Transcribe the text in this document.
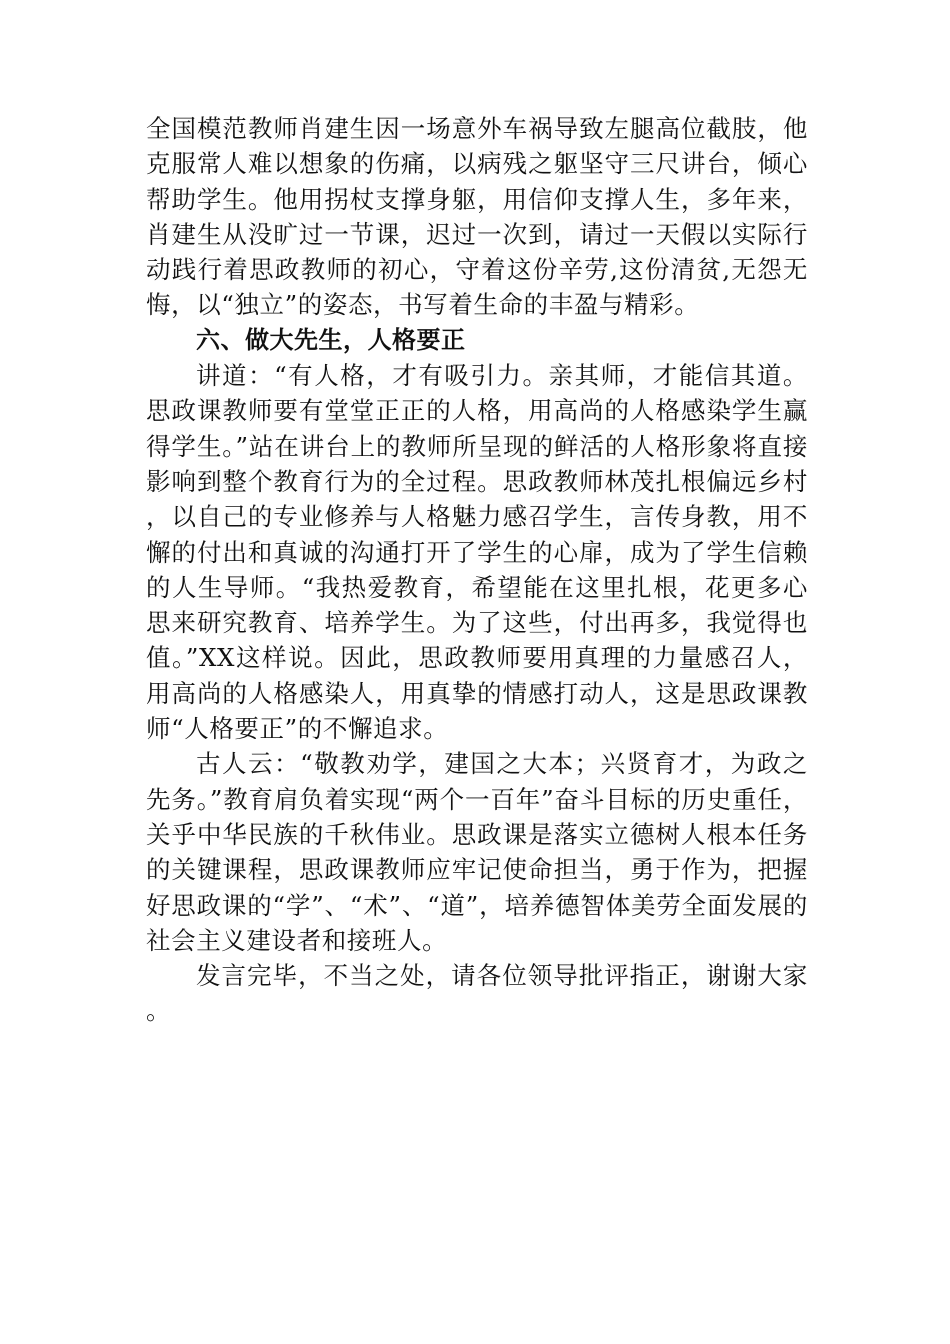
全国模范教师肖建生因一场意外车祸导致左腿高位截肢，他克服常人难以想象的伤痛，以病残之躯坚守三尺讲台，倾心帮助学生。他用拐杖支撑身躯，用信仰支撑人生，多年来，肖建生从没旷过一节课，迟过一次到，请过一天假以实际行动践行着思政教师的初心，守着这份辛劳,这份清贫,无怨无悔，以“独立”的姿态，书写着生命的丰盈与精彩。

六、做大先生，人格要正

讲道：“有人格，才有吸引力。亲其师，才能信其道。思政课教师要有堂堂正正的人格，用高尚的人格感染学生赢得学生。”站在讲台上的教师所呈现的鲜活的人格形象将直接影响到整个教育行为的全过程。思政教师林茂扎根偏远乡村，以自己的专业修养与人格魅力感召学生，言传身教，用不懈的付出和真诚的沟通打开了学生的心扉，成为了学生信赖的人生导师。“我热爱教育，希望能在这里扎根，花更多心思来研究教育、培养学生。为了这些，付出再多，我觉得也值。”XX这样说。因此，思政教师要用真理的力量感召人，用高尚的人格感染人，用真挚的情感打动人，这是思政课教师“人格要正”的不懈追求。

古人云：“敬教劝学，建国之大本；兴贤育才，为政之先务。”教育肩负着实现“两个一百年”奋斗目标的历史重任，关乎中华民族的千秋伟业。思政课是落实立德树人根本任务的关键课程，思政课教师应牢记使命担当，勇于作为，把握好思政课的“学”、“术”、“道”，培养德智体美劳全面发展的社会主义建设者和接班人。

发言完毕，不当之处，请各位领导批评指正，谢谢大家。
